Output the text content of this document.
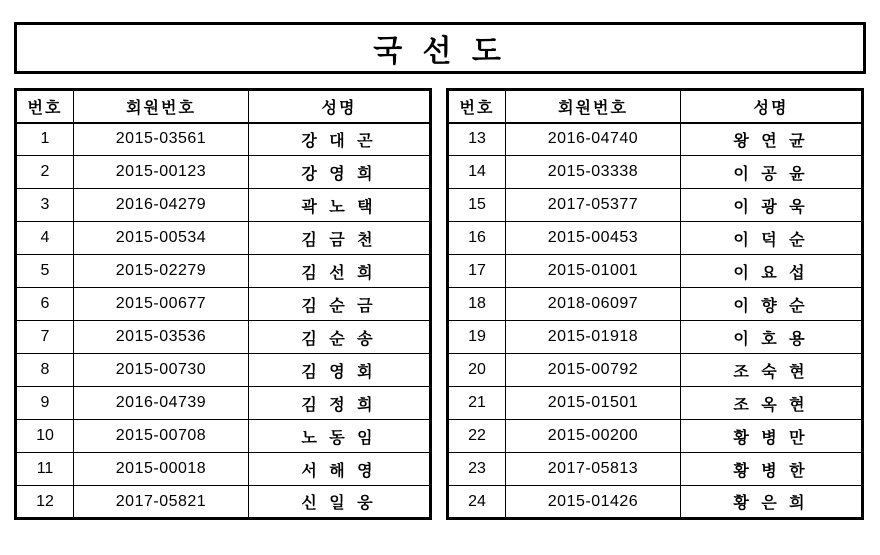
국 선 도
번호	회원번호	성명
1	2015-03561	강 대 곤
2	2015-00123	강 영 희
3	2016-04279	곽 노 택
4	2015-00534	김 금 천
5	2015-02279	김 선 희
6	2015-00677	김 순 금
7	2015-03536	김 순 송
8	2015-00730	김 영 회
9	2016-04739	김 정 희
10	2015-00708	노 동 임
11	2015-00018	서 해 영
12	2017-05821	신 일 웅
번호	회원번호	성명
13	2016-04740	왕 연 균
14	2015-03338	이 공 윤
15	2017-05377	이 광 욱
16	2015-00453	이 덕 순
17	2015-01001	이 요 섭
18	2018-06097	이 향 순
19	2015-01918	이 호 용
20	2015-00792	조 숙 현
21	2015-01501	조 옥 현
22	2015-00200	황 병 만
23	2017-05813	황 병 한
24	2015-01426	황 은 희
